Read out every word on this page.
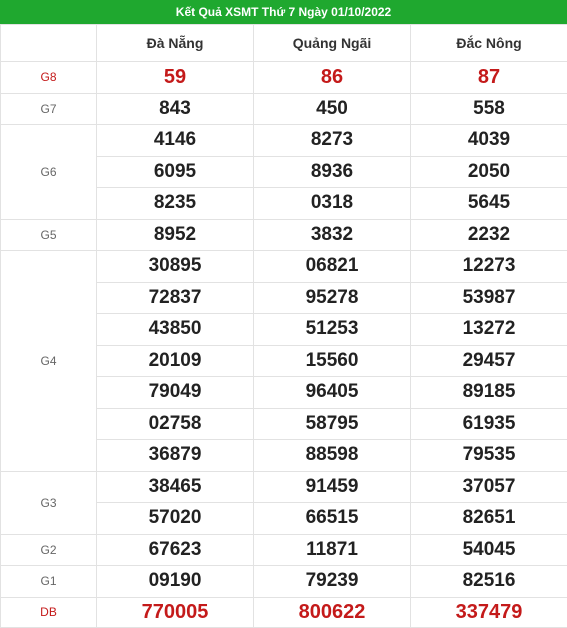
Kết Quả XSMT Thứ 7 Ngày 01/10/2022
	Đà Nẵng	Quảng Ngãi	Đắc Nông
G8	59	86	87
G7	843	450	558
G6	4146	8273	4039
	6095	8936	2050
	8235	0318	5645
G5	8952	3832	2232
G4	30895	06821	12273
	72837	95278	53987
	43850	51253	13272
	20109	15560	29457
	79049	96405	89185
	02758	58795	61935
	36879	88598	79535
G3	38465	91459	37057
	57020	66515	82651
G2	67623	11871	54045
G1	09190	79239	82516
DB	770005	800622	337479
